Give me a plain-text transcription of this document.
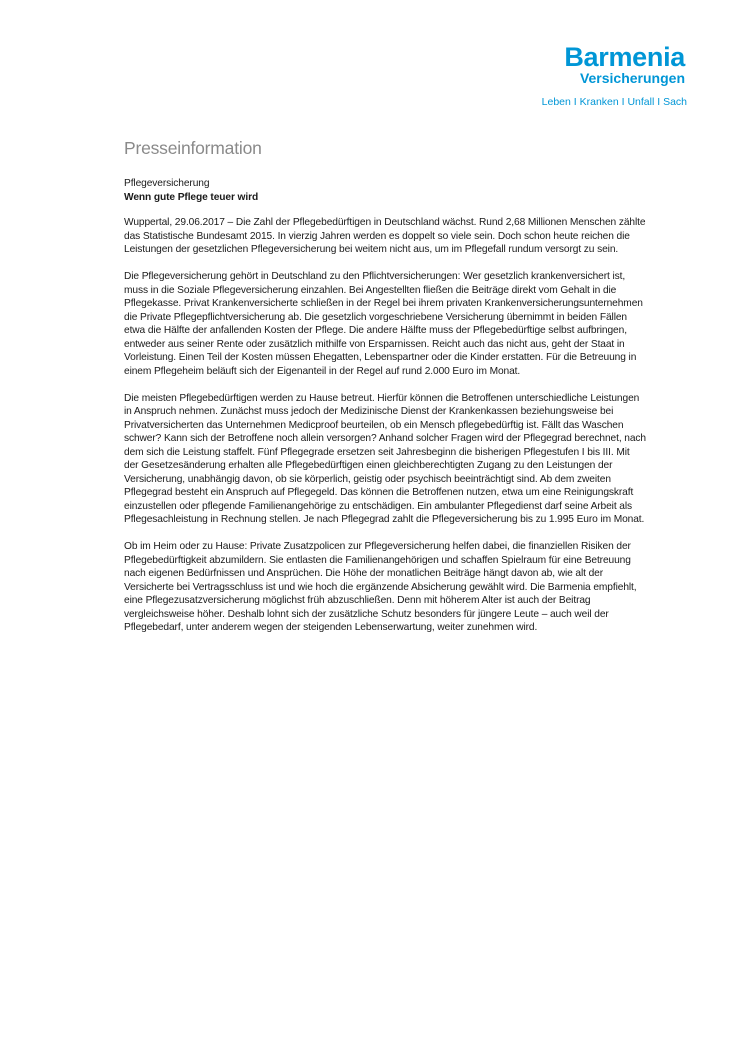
Barmenia
Versicherungen
Leben I Kranken I Unfall I Sach
Presseinformation

Pflegeversicherung

Wenn gute Pflege teuer wird

Wuppertal, 29.06.2017 – Die Zahl der Pflegebedürftigen in Deutschland wächst. Rund 2,68 Millionen Menschen zählte das Statistische Bundesamt 2015. In vierzig Jahren werden es doppelt so viele sein. Doch schon heute reichen die Leistungen der gesetzlichen Pflegeversicherung bei weitem nicht aus, um im Pflegefall rundum versorgt zu sein.

Die Pflegeversicherung gehört in Deutschland zu den Pflichtversicherungen: Wer gesetzlich krankenversichert ist, muss in die Soziale Pflegeversicherung einzahlen. Bei Angestellten fließen die Beiträge direkt vom Gehalt in die Pflegekasse. Privat Krankenversicherte schließen in der Regel bei ihrem privaten Krankenversicherungsunternehmen die Private Pflegepflichtversicherung ab. Die gesetzlich vorgeschriebene Versicherung übernimmt in beiden Fällen etwa die Hälfte der anfallenden Kosten der Pflege. Die andere Hälfte muss der Pflegebedürftige selbst aufbringen, entweder aus seiner Rente oder zusätzlich mithilfe von Ersparnissen. Reicht auch das nicht aus, geht der Staat in Vorleistung. Einen Teil der Kosten müssen Ehegatten, Lebenspartner oder die Kinder erstatten. Für die Betreuung in einem Pflegeheim beläuft sich der Eigenanteil in der Regel auf rund 2.000 Euro im Monat.

Die meisten Pflegebedürftigen werden zu Hause betreut. Hierfür können die Betroffenen unterschiedliche Leistungen in Anspruch nehmen. Zunächst muss jedoch der Medizinische Dienst der Krankenkassen beziehungsweise bei Privatversicherten das Unternehmen Medicproof beurteilen, ob ein Mensch pflegebedürftig ist. Fällt das Waschen schwer? Kann sich der Betroffene noch allein versorgen? Anhand solcher Fragen wird der Pflegegrad berechnet, nach dem sich die Leistung staffelt. Fünf Pflegegrade ersetzen seit Jahresbeginn die bisherigen Pflegestufen I bis III. Mit der Gesetzesänderung erhalten alle Pflegebedürftigen einen gleichberechtigten Zugang zu den Leistungen der Versicherung, unabhängig davon, ob sie körperlich, geistig oder psychisch beeinträchtigt sind. Ab dem zweiten Pflegegrad besteht ein Anspruch auf Pflegegeld. Das können die Betroffenen nutzen, etwa um eine Reinigungskraft einzustellen oder pflegende Familienangehörige zu entschädigen. Ein ambulanter Pflegedienst darf seine Arbeit als Pflegesachleistung in Rechnung stellen. Je nach Pflegegrad zahlt die Pflegeversicherung bis zu 1.995 Euro im Monat.

Ob im Heim oder zu Hause: Private Zusatzpolicen zur Pflegeversicherung helfen dabei, die finanziellen Risiken der Pflegebedürftigkeit abzumildern. Sie entlasten die Familienangehörigen und schaffen Spielraum für eine Betreuung nach eigenen Bedürfnissen und Ansprüchen. Die Höhe der monatlichen Beiträge hängt davon ab, wie alt der Versicherte bei Vertragsschluss ist und wie hoch die ergänzende Absicherung gewählt wird. Die Barmenia empfiehlt, eine Pflegezusatzversicherung möglichst früh abzuschließen. Denn mit höherem Alter ist auch der Beitrag vergleichsweise höher. Deshalb lohnt sich der zusätzliche Schutz besonders für jüngere Leute – auch weil der Pflegebedarf, unter anderem wegen der steigenden Lebenserwartung, weiter zunehmen wird.
